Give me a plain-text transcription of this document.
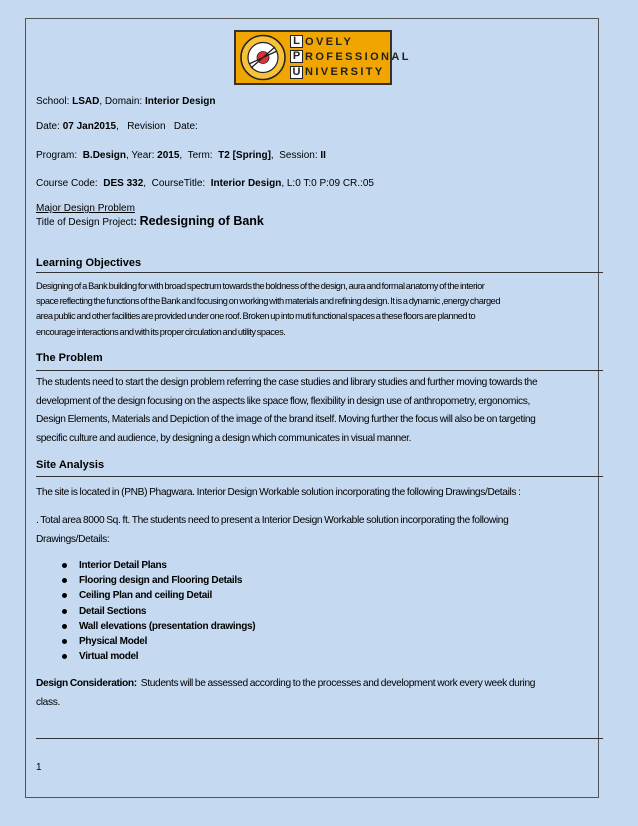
L OVELY
P ROFESSIONAL
U NIVERSITY
School: LSAD, Domain: Interior Design
Date: 07 Jan2015,   Revision   Date:
Program:  B.Design, Year: 2015,  Term:  T2 [Spring],  Session: II
Course Code:  DES 332,  CourseTitle:  Interior Design, L:0 T:0 P:09 CR.:05
Major Design Problem
Title of Design Project: Redesigning of Bank
Learning Objectives
Designing of a Bank building for with broad spectrum towards the boldness of the design, aura and formal anatomy of the interior
space reflecting the functions of the Bank and focusing on working with materials and refining design. It is a dynamic ,energy charged
area public and other facilities are provided under one roof. Broken up into muti functional spaces a these floors are planned to
encourage interactions and with its proper circulation and utility spaces.
The Problem
The students need to start the design problem referring the case studies and library studies and further moving towards the
development of the design focusing on the aspects like space flow, flexibility in design use of anthropometry, ergonomics,
Design Elements, Materials and Depiction of the image of the brand itself. Moving further the focus will also be on targeting
specific culture and audience, by designing a design which communicates in visual manner.
Site Analysis
The site is located in (PNB) Phagwara. Interior Design Workable solution incorporating the following Drawings/Details :
. Total area 8000 Sq. ft. The students need to present a Interior Design Workable solution incorporating the following
Drawings/Details:
Interior Detail Plans
Flooring design and Flooring Details
Ceiling Plan and ceiling Detail
Detail Sections
Wall elevations (presentation drawings)
Physical Model
Virtual model
Design Consideration:  Students will be assessed according to the processes and development work every week during
class.
1
